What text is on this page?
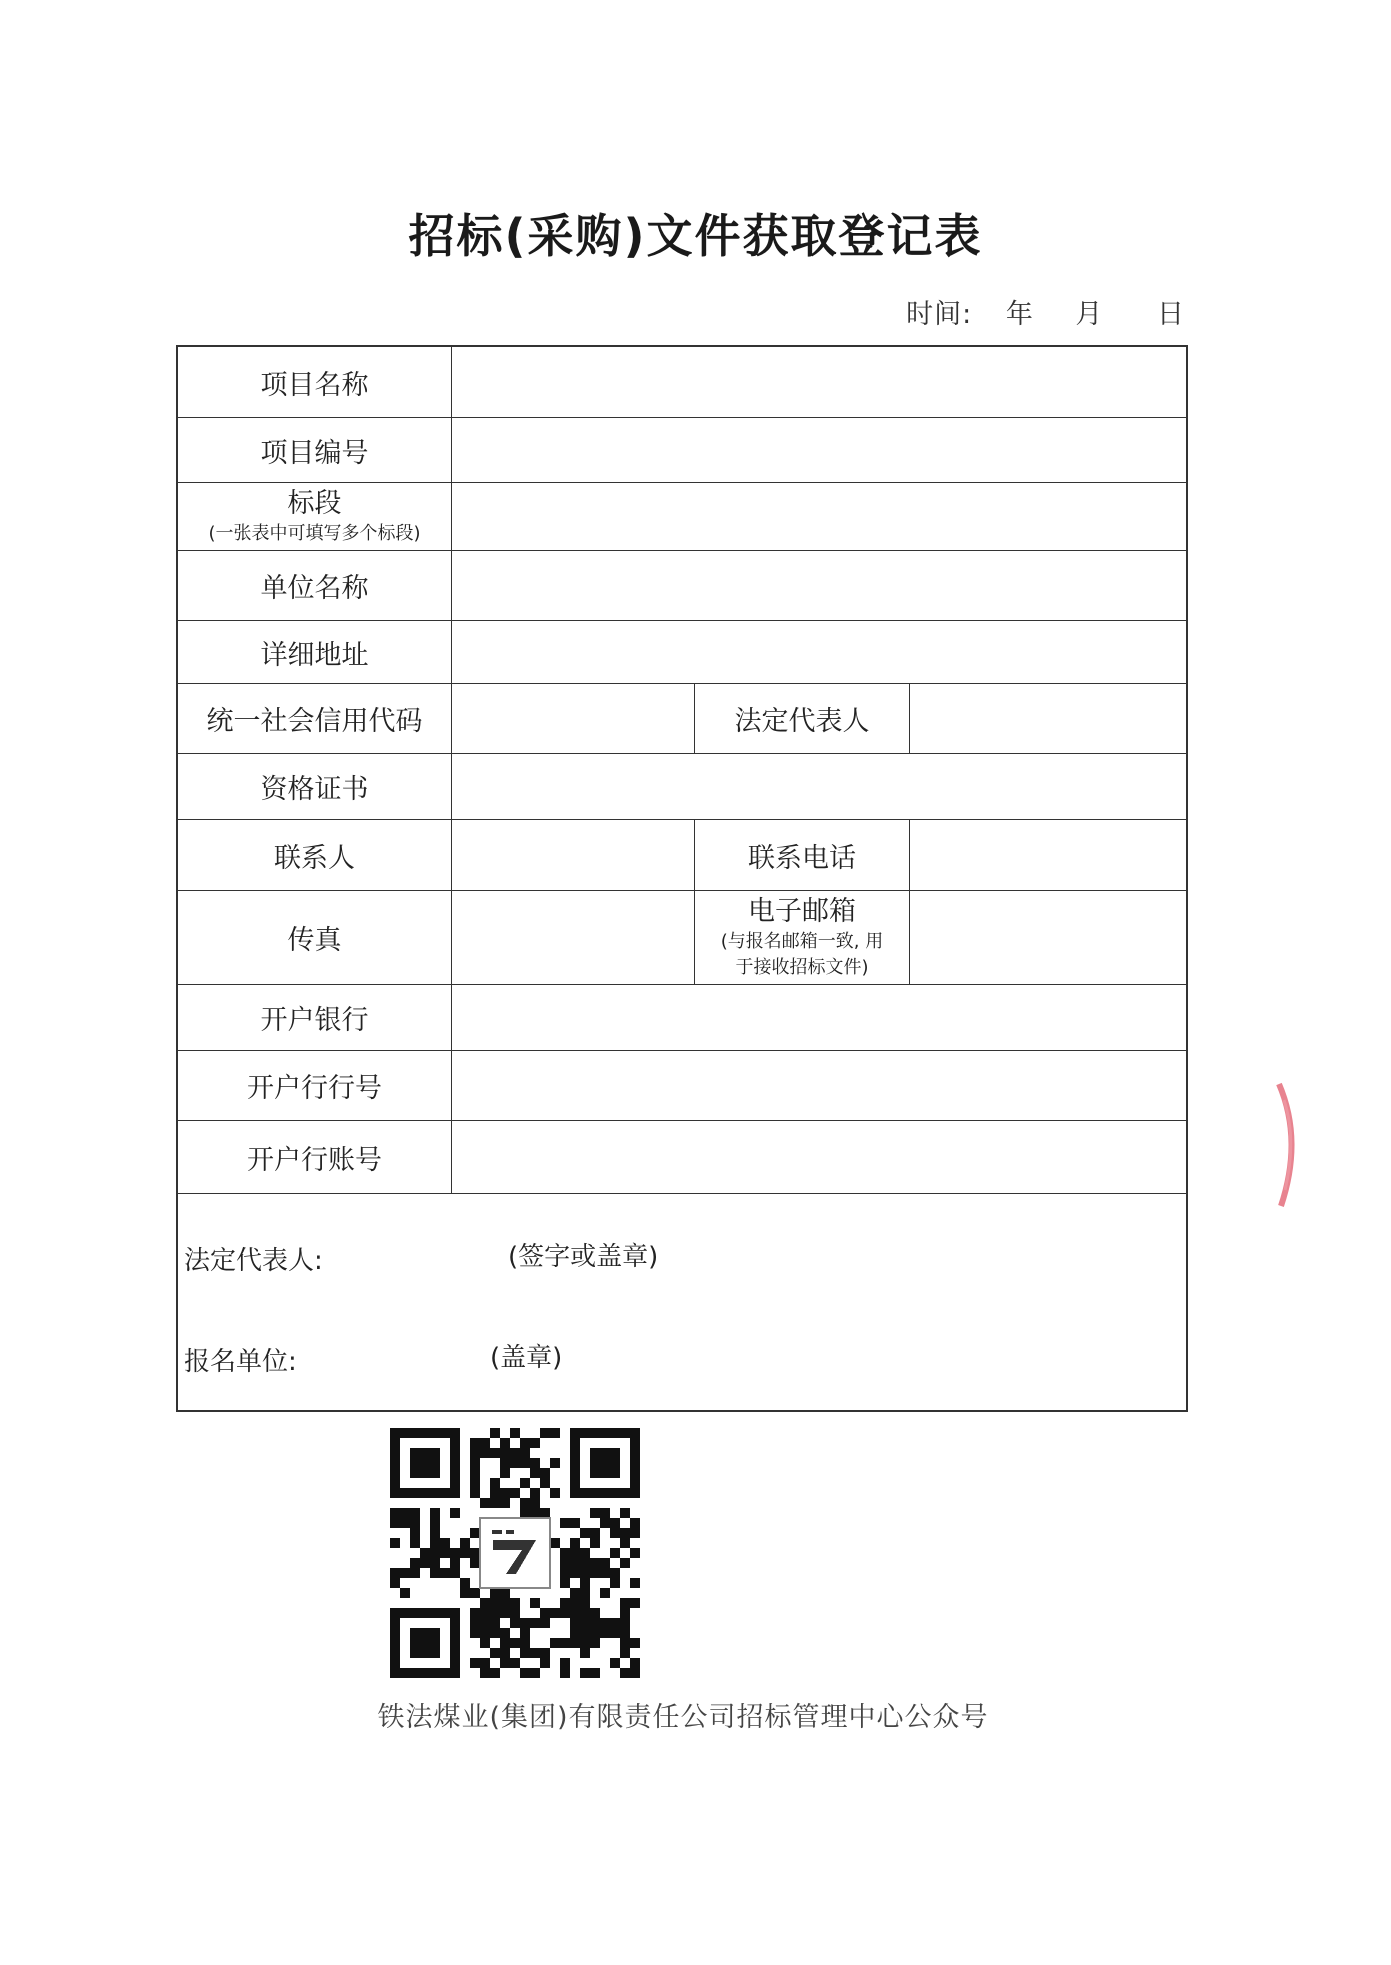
招标(采购)文件获取登记表
时间: 年 月 日
项目名称
项目编号
标段
(一张表中可填写多个标段)
单位名称
详细地址
统一社会信用代码	法定代表人
资格证书
联系人	联系电话
传真
电子邮箱
(与报名邮箱一致, 用
于接收招标文件)
开户银行
开户行行号
开户行账号
法定代表人:	(签字或盖章)
报名单位:	(盖章)
铁法煤业(集团)有限责任公司招标管理中心公众号
